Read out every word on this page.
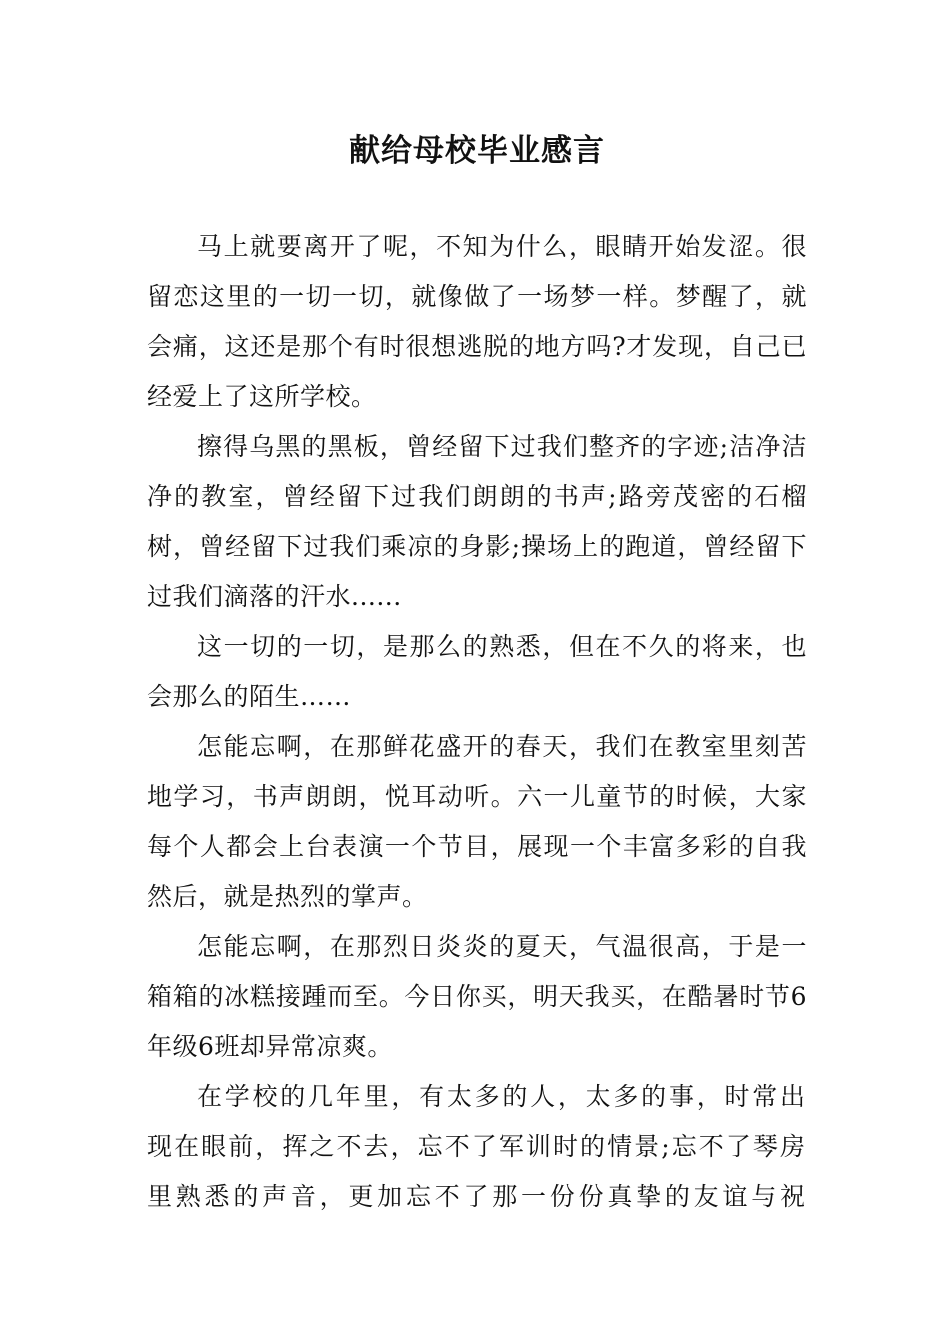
献给母校毕业感言

马上就要离开了呢，不知为什么，眼睛开始发涩。很留恋这里的一切一切，就像做了一场梦一样。梦醒了，就会痛，这还是那个有时很想逃脱的地方吗?才发现，自己已经爱上了这所学校。

擦得乌黑的黑板，曾经留下过我们整齐的字迹;洁净洁净的教室，曾经留下过我们朗朗的书声;路旁茂密的石榴树，曾经留下过我们乘凉的身影;操场上的跑道，曾经留下过我们滴落的汗水......

这一切的一切，是那么的熟悉，但在不久的将来，也会那么的陌生……

怎能忘啊，在那鲜花盛开的春天，我们在教室里刻苦地学习，书声朗朗，悦耳动听。六一儿童节的时候，大家每个人都会上台表演一个节目，展现一个丰富多彩的自我然后，就是热烈的掌声。

怎能忘啊，在那烈日炎炎的夏天，气温很高，于是一箱箱的冰糕接踵而至。今日你买，明天我买，在酷暑时节6年级6班却异常凉爽。

在学校的几年里，有太多的人，太多的事，时常出现在眼前，挥之不去，忘不了军训时的情景;忘不了琴房里熟悉的声音，更加忘不了那一份份真挚的友谊与祝
